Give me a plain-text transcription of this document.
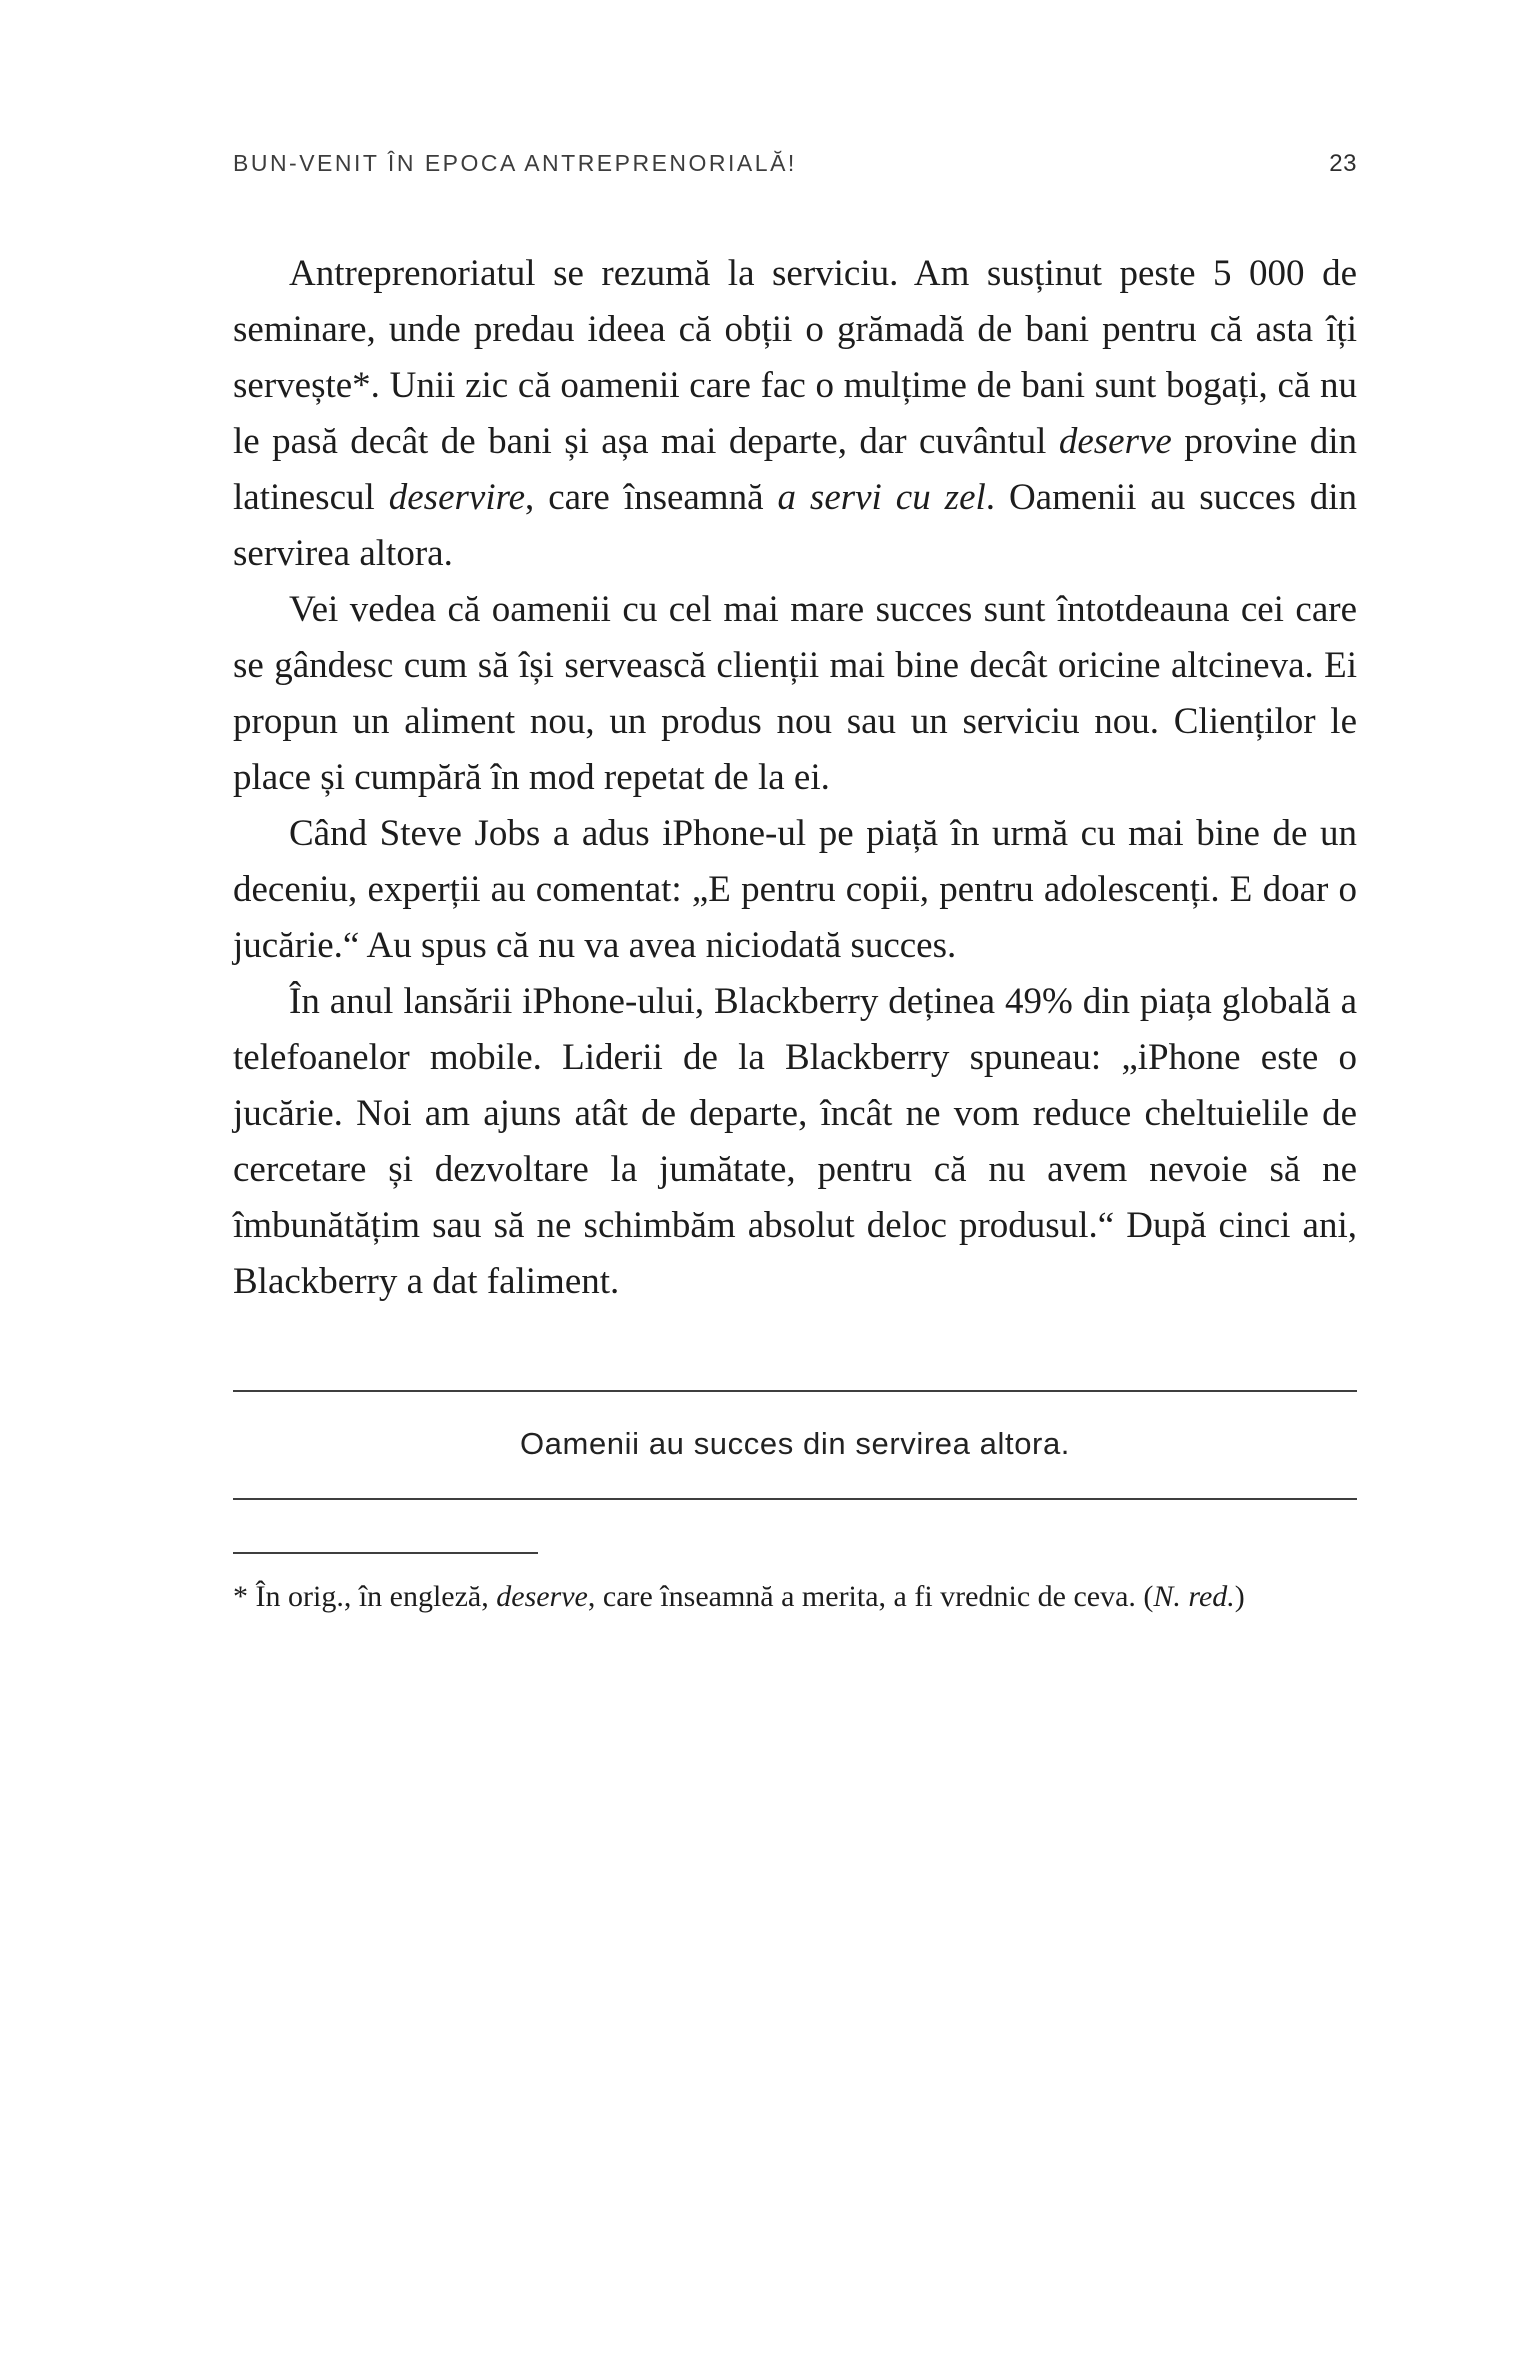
BUN-VENIT ÎN EPOCA ANTREPRENORIALĂ!	23

Antreprenoriatul se rezumă la serviciu. Am susținut peste 5 000 de seminare, unde predau ideea că obții o grămadă de bani pentru că asta îți servește*. Unii zic că oamenii care fac o mulțime de bani sunt bogați, că nu le pasă decât de bani și așa mai departe, dar cuvântul deserve provine din latinescul deservire, care înseamnă a servi cu zel. Oamenii au succes din servirea altora.

Vei vedea că oamenii cu cel mai mare succes sunt întotdeauna cei care se gândesc cum să își servească clienții mai bine decât oricine altcineva. Ei propun un aliment nou, un produs nou sau un serviciu nou. Clienților le place și cumpără în mod repetat de la ei.

Când Steve Jobs a adus iPhone-ul pe piață în urmă cu mai bine de un deceniu, experții au comentat: „E pentru copii, pentru adolescenți. E doar o jucărie.“ Au spus că nu va avea niciodată succes.

În anul lansării iPhone-ului, Blackberry deținea 49% din piața globală a telefoanelor mobile. Liderii de la Blackberry spuneau: „iPhone este o jucărie. Noi am ajuns atât de departe, încât ne vom reduce cheltuielile de cercetare și dezvoltare la jumătate, pentru că nu avem nevoie să ne îmbunătățim sau să ne schimbăm absolut deloc produsul.“ După cinci ani, Blackberry a dat faliment.

Oamenii au succes din servirea altora.

* În orig., în engleză, deserve, care înseamnă a merita, a fi vrednic de ceva. (N. red.)
